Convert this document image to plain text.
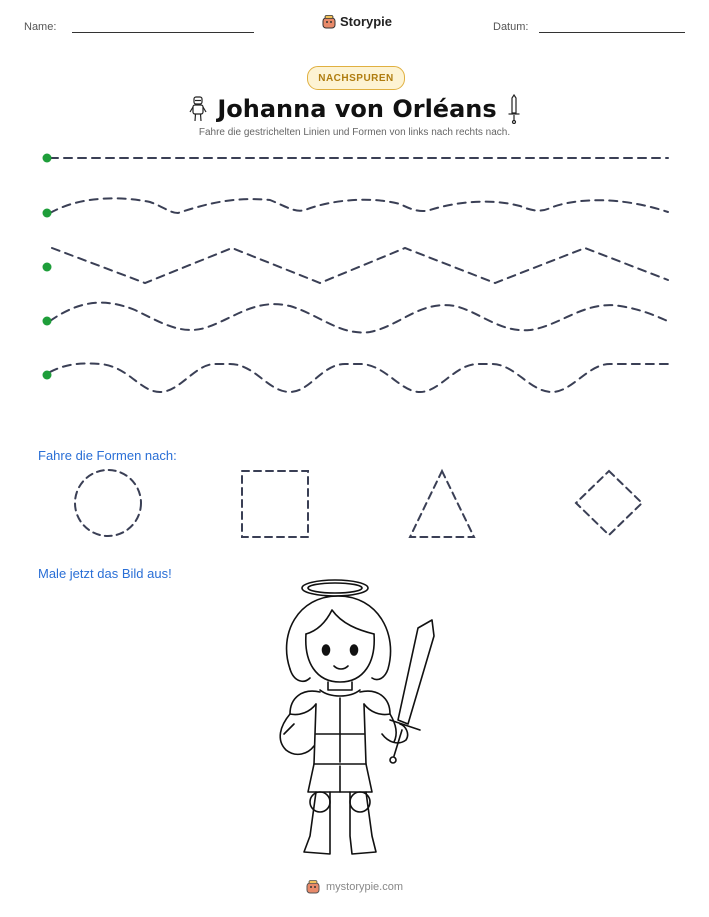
Name:	Storypie	Datum:
NACHSPUREN
Johanna von Orléans
Fahre die gestrichelten Linien und Formen von links nach rechts nach.
Fahre die Formen nach:
Male jetzt das Bild aus!
mystorypie.com
